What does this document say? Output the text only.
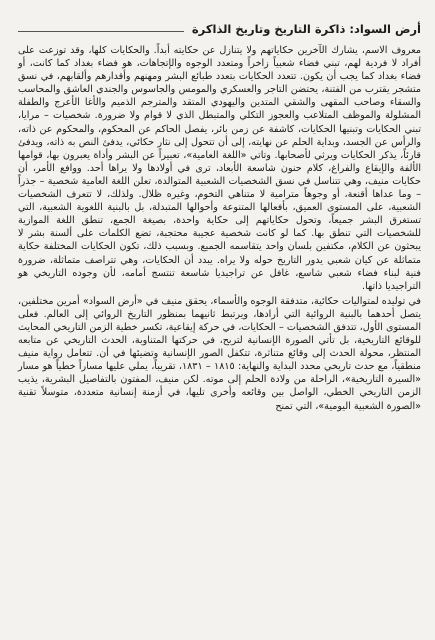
أرض السواد: ذاكرة التاريخ وتاريخ الذاكرة

معروف الاسم، يشارك الآخرين حكاياتهم ولا يتنازل عن حكايته أبداً. والحكايات كلها، وقد توزعت على أفراد لا فردية لهم، تبني فضاء شعبياً زاخراً ومتعدد الوجوه والإتجاهات، هو فضاء بغداد كما كانت، أو فضاء بغداد كما يجب أن يكون. تتعدد الحكايات بتعدد طبائع البشر ومهنهم وأقدارهم وألقابهم، في نسق متشجر يقترب من الفتنة، يحتضن التاجر والعسكري والمومس والجاسوس والجندي العاشق والمحاسب والسقاء وصاحب المقهى والشقي المتدين واليهودي المتقد والمترجم الذميم والأغا الأعرج والطفلة المشلولة والموظف المتلاعب والعجوز التكلي والمتبطل الذي لا قوام ولا ضرورة. شخصيات – مرايا، تبني الحكايات وتبنيها الحكايات، كاشفة عن زمن بائر، يفصل الحاكم عن المحكوم، والمحكوم عن ذاته، والرأس عن الجسد، وبداية الحلم عن نهايته، إلى أن تتحول إلى نثار حكائي، يدفئ النص به ذاته، ويدفئ قارئاً، يذكر الحكايات ويرثي لأصحابها. وتاتي «اللغة العامية»، تعبيراً عن البشر وأداة يعبرون بها، قوامها الألفة والإيقاع والفراغ، كلام حنون شاسعة الأبعاد، ترى في أولادها ولا يراها أحد. ووافع الأمر، أن حكايات منيف، وهي تتناسل في نسق الشخصيات الشعبية المتوالدة، تعلن اللغة العامية شخصية – جذراً – وما عداها أقنعة، أو وجوهاً مترامية لا متناهي التخوم، وغيره ظلال. ولذلك، لا تتعرف الشخصيات الشعبية، على المستوى العميق، بأفعالها المتنوعة وأحوالها المتبدلة، بل بالبنية اللغوية الشعبية، التي تستغرق البشر جميعاً، وتحول حكاياتهم إلى حكاية واحدة، بصيغة الجمع، تنطق اللغة الموازية للشخصيات التي تنطق بها. كما لو كانت شخصية عجيبة محتجبة، تضع الكلمات على ألسنة بشر لا يبحثون عن الكلام، مكتفين بلسان واحد يتقاسمه الجميع. وبسبب ذلك، تكون الحكايات المختلفة حكاية متماثلة عن كيان شعبي يدور التاريخ حوله ولا يراه. يبدد أن الحكايات، وهي تتراصف متماثلة، ضرورة فنية لبناء فضاء شعبي شاسع، غافل عن تراجيديا شاسعة تنتسج أمامه، لأن وجوده التاريخي هو التراجيديا ذاتها.

في توليده لمتواليات حكائية، متدفقة الوجوه والأسماء، يحقق منيف في «أرض السواد» أمرين مختلفين، يتصل أحدهما بالبنية الروائية التي أرادها، ويرتبط ثانيهما بمنظور التاريخ الروائي إلى العالم. فعلى المستوى الأول، تتدفق الشخصيات – الحكايات، في حركة إيقاعية، تكسر خطية الزمن التاريخي المحايث للوقائع التاريخية، بل تأتي الصورة الإنسانية لتربح، في حركتها المتناوبة، الحدث التاريخي عن متابعه المنتظر، محولة الحدث إلى وقائع متناثرة، تتكفل الصور الإنسانية وتضيئها في أن. تتعامل رواية منيف منطقياً، مع حدث تاريخي محدد البداية والنهاية: ١٨١٥ – ١٨٣١، تقريباً، يملي عليها مساراً خطياً هو مسار «السيرة التاريخية»، الراحلة من ولادة الحلم إلى موته. لكن منيف، المفتون بالتفاصيل البشرية، يذيب الزمن التاريخي الخطي، الواصل بين وقائعه وأخرى تليها، في أزمنة إنسانية متعددة، متوسلاً تقنية «الصورة الشعبية اليومية»، التي تمنح
